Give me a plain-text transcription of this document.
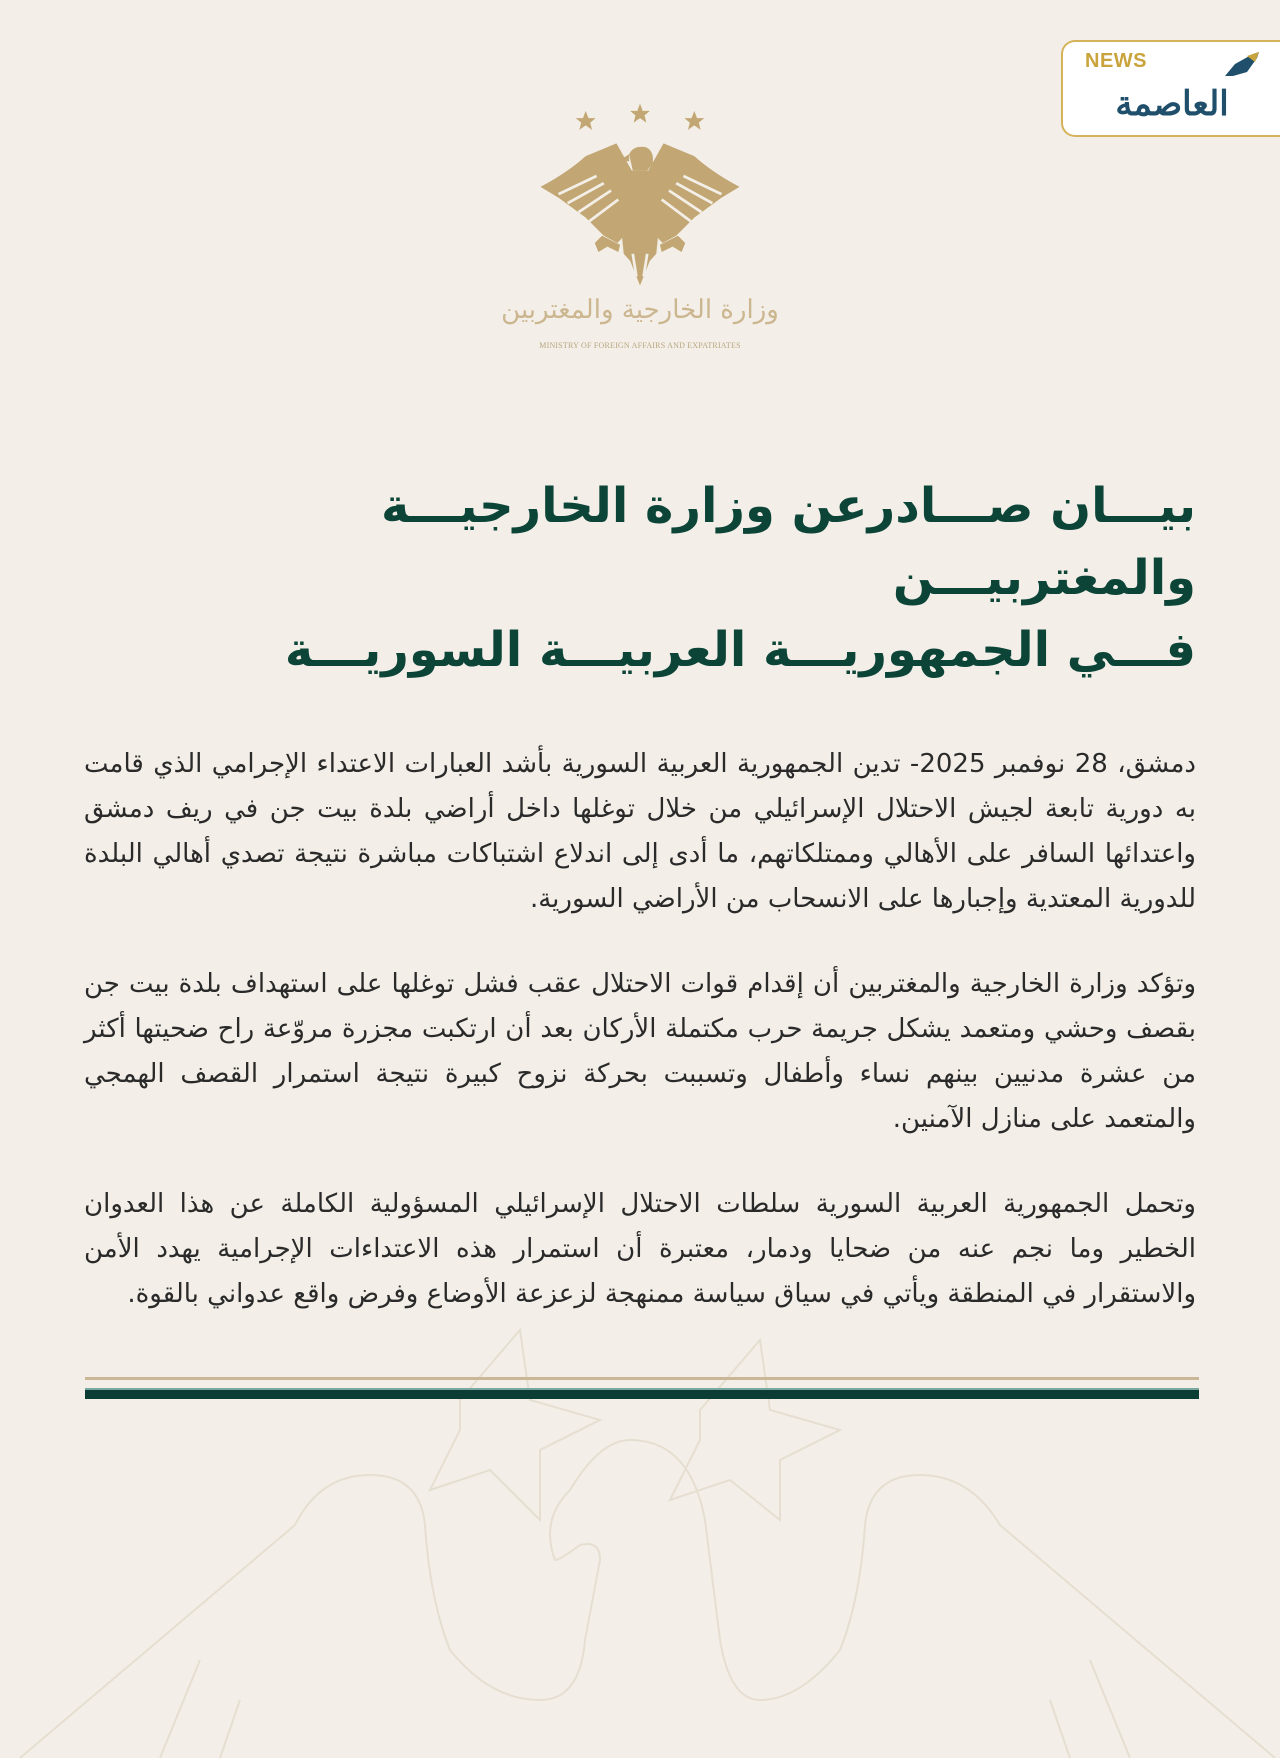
NEWS
العاصمة
وزارة الخارجية والمغتربين
MINISTRY OF FOREIGN AFFAIRS AND EXPATRIATES
بيـــان صـــادرعن وزارة الخارجيـــة والمغتربيـــن
فـــي الجمهوريـــة العربيـــة السوريـــة

دمشق، 28 نوفمبر 2025- تدين الجمهورية العربية السورية بأشد العبارات الاعتداء الإجرامي الذي قامت به دورية تابعة لجيش الاحتلال الإسرائيلي من خلال توغلها داخل أراضي بلدة بيت جن في ريف دمشق واعتدائها السافر على الأهالي وممتلكاتهم، ما أدى إلى اندلاع اشتباكات مباشرة نتيجة تصدي أهالي البلدة للدورية المعتدية وإجبارها على الانسحاب من الأراضي السورية.

وتؤكد وزارة الخارجية والمغتربين أن إقدام قوات الاحتلال عقب فشل توغلها على استهداف بلدة بيت جن بقصف وحشي ومتعمد يشكل جريمة حرب مكتملة الأركان بعد أن ارتكبت مجزرة مروّعة راح ضحيتها أكثر من عشرة مدنيين بينهم نساء وأطفال وتسببت بحركة نزوح كبيرة نتيجة استمرار القصف الهمجي والمتعمد على منازل الآمنين.

وتحمل الجمهورية العربية السورية سلطات الاحتلال الإسرائيلي المسؤولية الكاملة عن هذا العدوان الخطير وما نجم عنه من ضحايا ودمار، معتبرة أن استمرار هذه الاعتداءات الإجرامية يهدد الأمن والاستقرار في المنطقة ويأتي في سياق سياسة ممنهجة لزعزعة الأوضاع وفرض واقع عدواني بالقوة.
